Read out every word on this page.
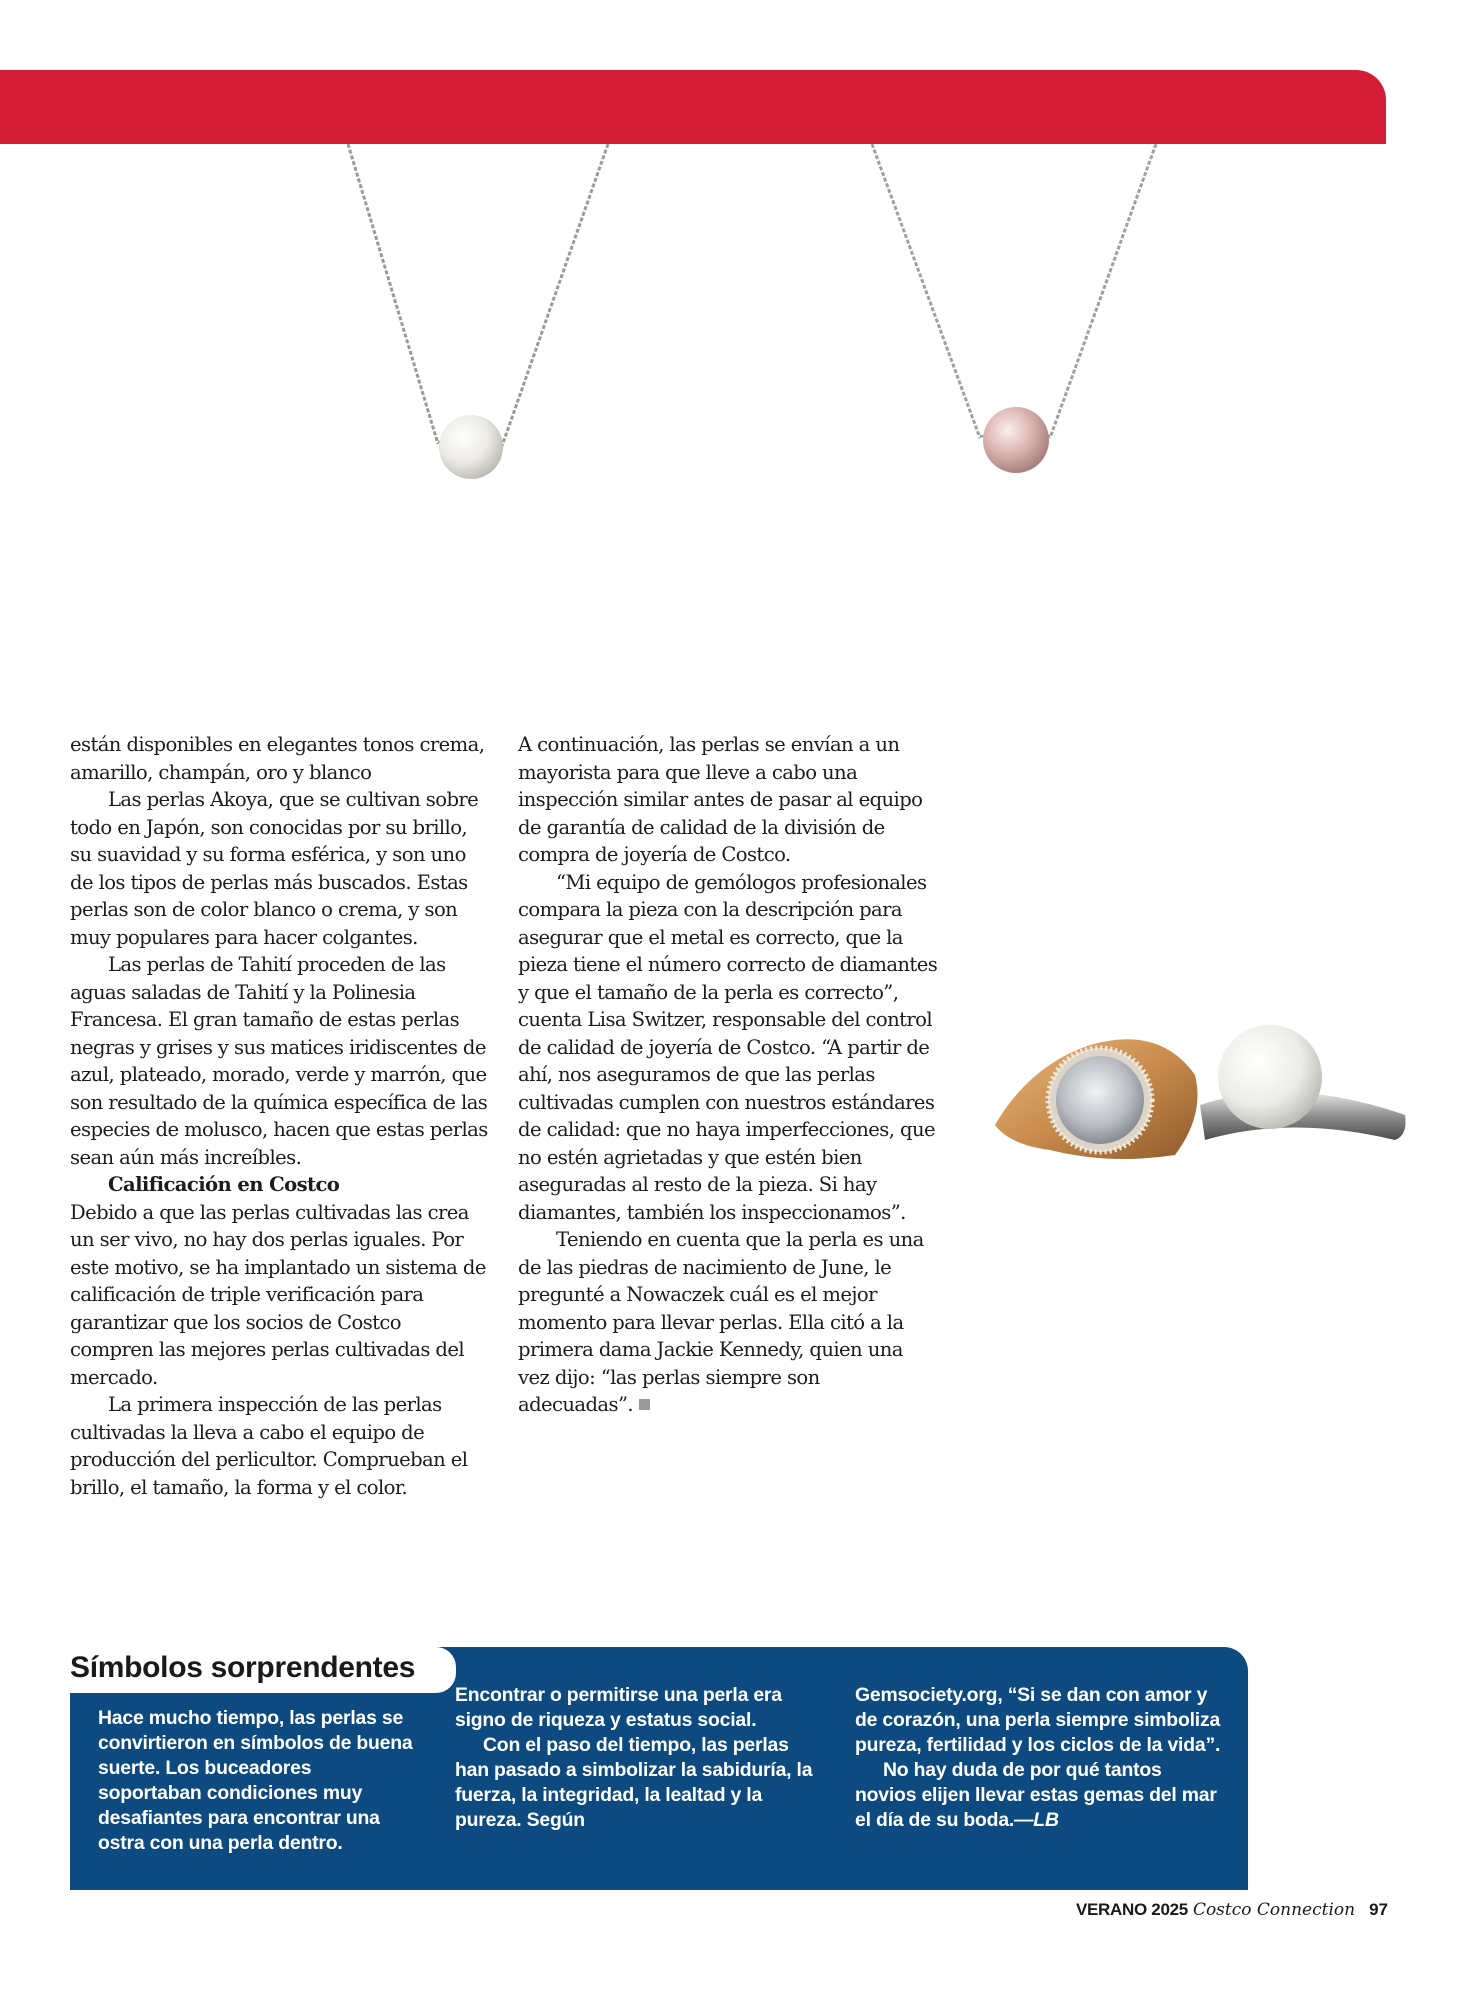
están disponibles en elegantes tonos crema, amarillo, champán, oro y blanco

Las perlas Akoya, que se cultivan sobre todo en Japón, son conocidas por su brillo, su suavidad y su forma esférica, y son uno de los tipos de perlas más buscados. Estas perlas son de color blanco o crema, y son muy populares para hacer colgantes.

Las perlas de Tahití proceden de las aguas saladas de Tahití y la Polinesia Francesa. El gran tamaño de estas perlas negras y grises y sus matices iridiscentes de azul, plateado, morado, verde y marrón, que son resultado de la química específica de las especies de molusco, hacen que estas perlas sean aún más increíbles.

Calificación en Costco

Debido a que las perlas cultivadas las crea un ser vivo, no hay dos perlas iguales. Por este motivo, se ha implantado un sistema de calificación de triple verificación para garantizar que los socios de Costco compren las mejores perlas cultivadas del mercado.

La primera inspección de las perlas cultivadas la lleva a cabo el equipo de producción del perlicultor. Comprueban el brillo, el tamaño, la forma y el color.

A continuación, las perlas se envían a un mayorista para que lleve a cabo una inspección similar antes de pasar al equipo de garantía de calidad de la división de compra de joyería de Costco.

“Mi equipo de gemólogos profesionales compara la pieza con la descripción para asegurar que el metal es correcto, que la pieza tiene el número correcto de diamantes y que el tamaño de la perla es correcto”, cuenta Lisa Switzer, responsable del control de calidad de joyería de Costco. “A partir de ahí, nos aseguramos de que las perlas cultivadas cumplen con nuestros estándares de calidad: que no haya imperfecciones, que no estén agrietadas y que estén bien aseguradas al resto de la pieza. Si hay diamantes, también los inspeccionamos”.

Teniendo en cuenta que la perla es una de las piedras de nacimiento de June, le pregunté a Nowaczek cuál es el mejor momento para llevar perlas. Ella citó a la primera dama Jackie Kennedy, quien una vez dijo: “las perlas siempre son adecuadas”.

Símbolos sorprendentes

Hace mucho tiempo, las perlas se convirtieron en símbolos de buena suerte. Los buceadores soportaban condiciones muy desafiantes para encontrar una ostra con una perla dentro.

Encontrar o permitirse una perla era signo de riqueza y estatus social.

Con el paso del tiempo, las perlas han pasado a simbolizar la sabiduría, la fuerza, la integridad, la lealtad y la pureza. Según

Gemsociety.org, “Si se dan con amor y de corazón, una perla siempre simboliza pureza, fertilidad y los ciclos de la vida”.

No hay duda de por qué tantos novios elijen llevar estas gemas del mar el día de su boda.—LB

VERANO 2025 Costco Connection 97
